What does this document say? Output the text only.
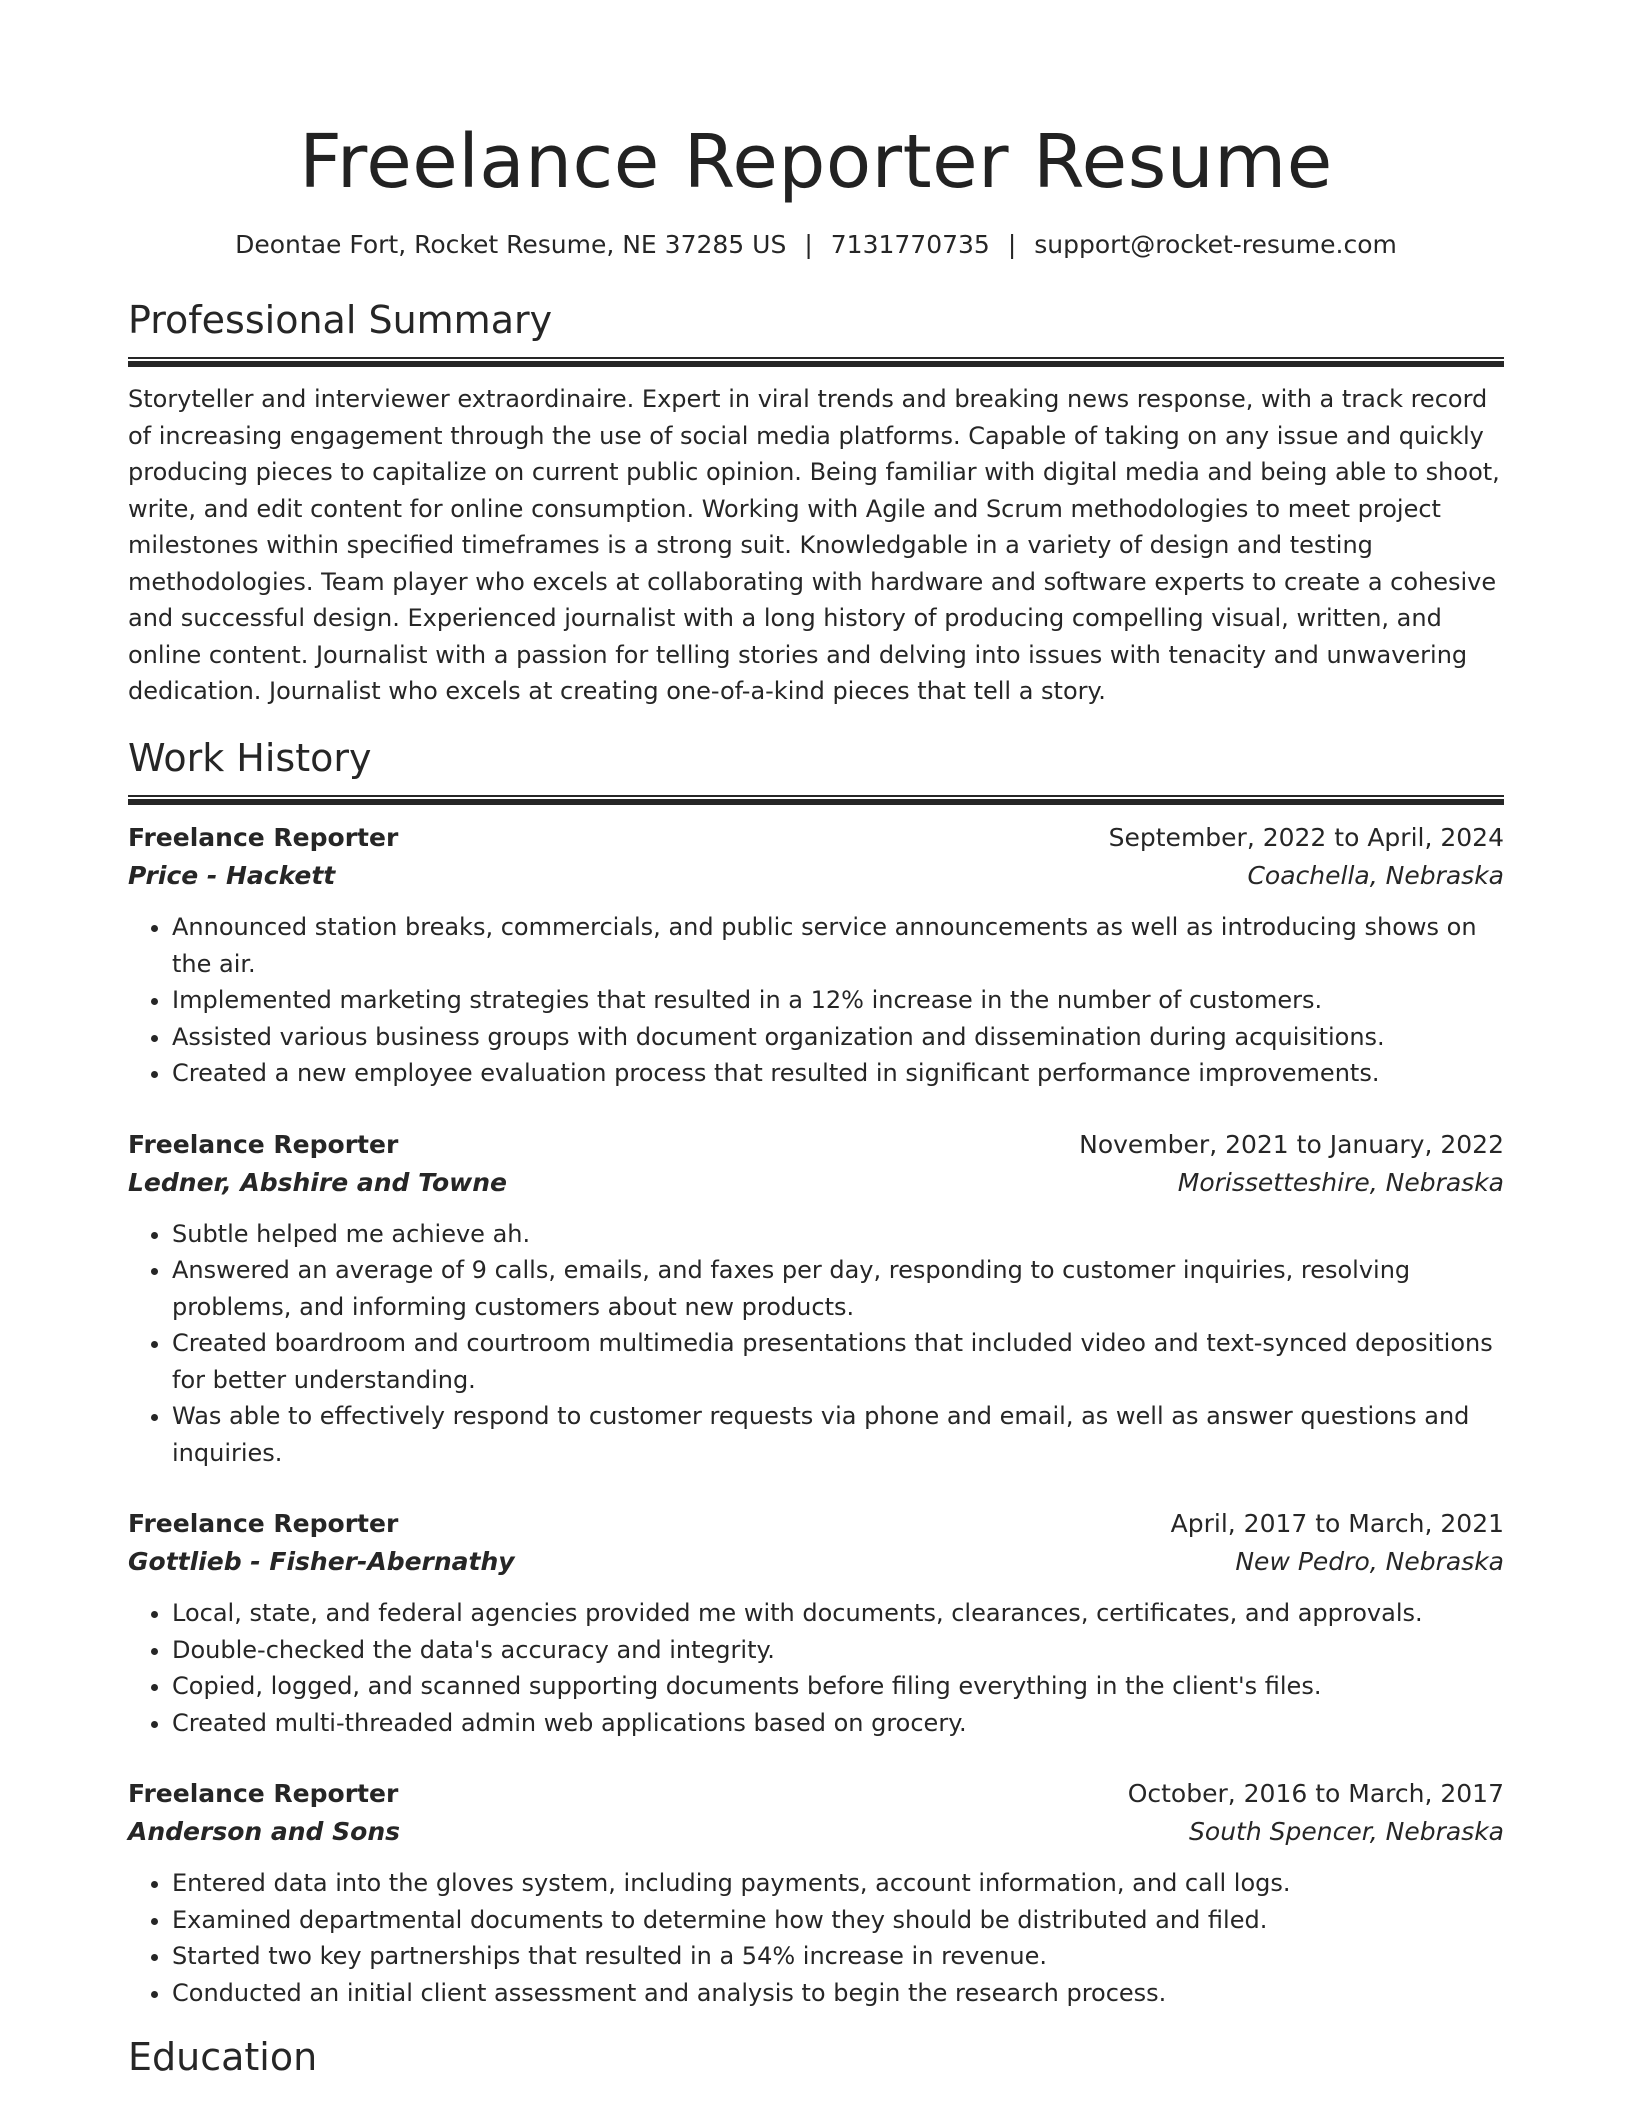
Freelance Reporter Resume
Deontae Fort, Rocket Resume, NE 37285 US | 7131770735 | support@rocket-resume.com
Professional Summary

Storyteller and interviewer extraordinaire. Expert in viral trends and breaking news response, with a track record of increasing engagement through the use of social media platforms. Capable of taking on any issue and quickly producing pieces to capitalize on current public opinion. Being familiar with digital media and being able to shoot, write, and edit content for online consumption. Working with Agile and Scrum methodologies to meet project milestones within specified timeframes is a strong suit. Knowledgable in a variety of design and testing methodologies. Team player who excels at collaborating with hardware and software experts to create a cohesive and successful design. Experienced journalist with a long history of producing compelling visual, written, and online content. Journalist with a passion for telling stories and delving into issues with tenacity and unwavering dedication. Journalist who excels at creating one-of-a-kind pieces that tell a story.

Work History
Freelance Reporter	September, 2022 to April, 2024
Price - Hackett	Coachella, Nebraska
• Announced station breaks, commercials, and public service announcements as well as introducing shows on the air.
• Implemented marketing strategies that resulted in a 12% increase in the number of customers.
• Assisted various business groups with document organization and dissemination during acquisitions.
• Created a new employee evaluation process that resulted in significant performance improvements.
Freelance Reporter	November, 2021 to January, 2022
Ledner, Abshire and Towne	Morissetteshire, Nebraska
• Subtle helped me achieve ah.
• Answered an average of 9 calls, emails, and faxes per day, responding to customer inquiries, resolving problems, and informing customers about new products.
• Created boardroom and courtroom multimedia presentations that included video and text-synced depositions for better understanding.
• Was able to effectively respond to customer requests via phone and email, as well as answer questions and inquiries.
Freelance Reporter	April, 2017 to March, 2021
Gottlieb - Fisher-Abernathy	New Pedro, Nebraska
• Local, state, and federal agencies provided me with documents, clearances, certificates, and approvals.
• Double-checked the data's accuracy and integrity.
• Copied, logged, and scanned supporting documents before filing everything in the client's files.
• Created multi-threaded admin web applications based on grocery.
Freelance Reporter	October, 2016 to March, 2017
Anderson and Sons	South Spencer, Nebraska
• Entered data into the gloves system, including payments, account information, and call logs.
• Examined departmental documents to determine how they should be distributed and filed.
• Started two key partnerships that resulted in a 54% increase in revenue.
• Conducted an initial client assessment and analysis to begin the research process.
Education
